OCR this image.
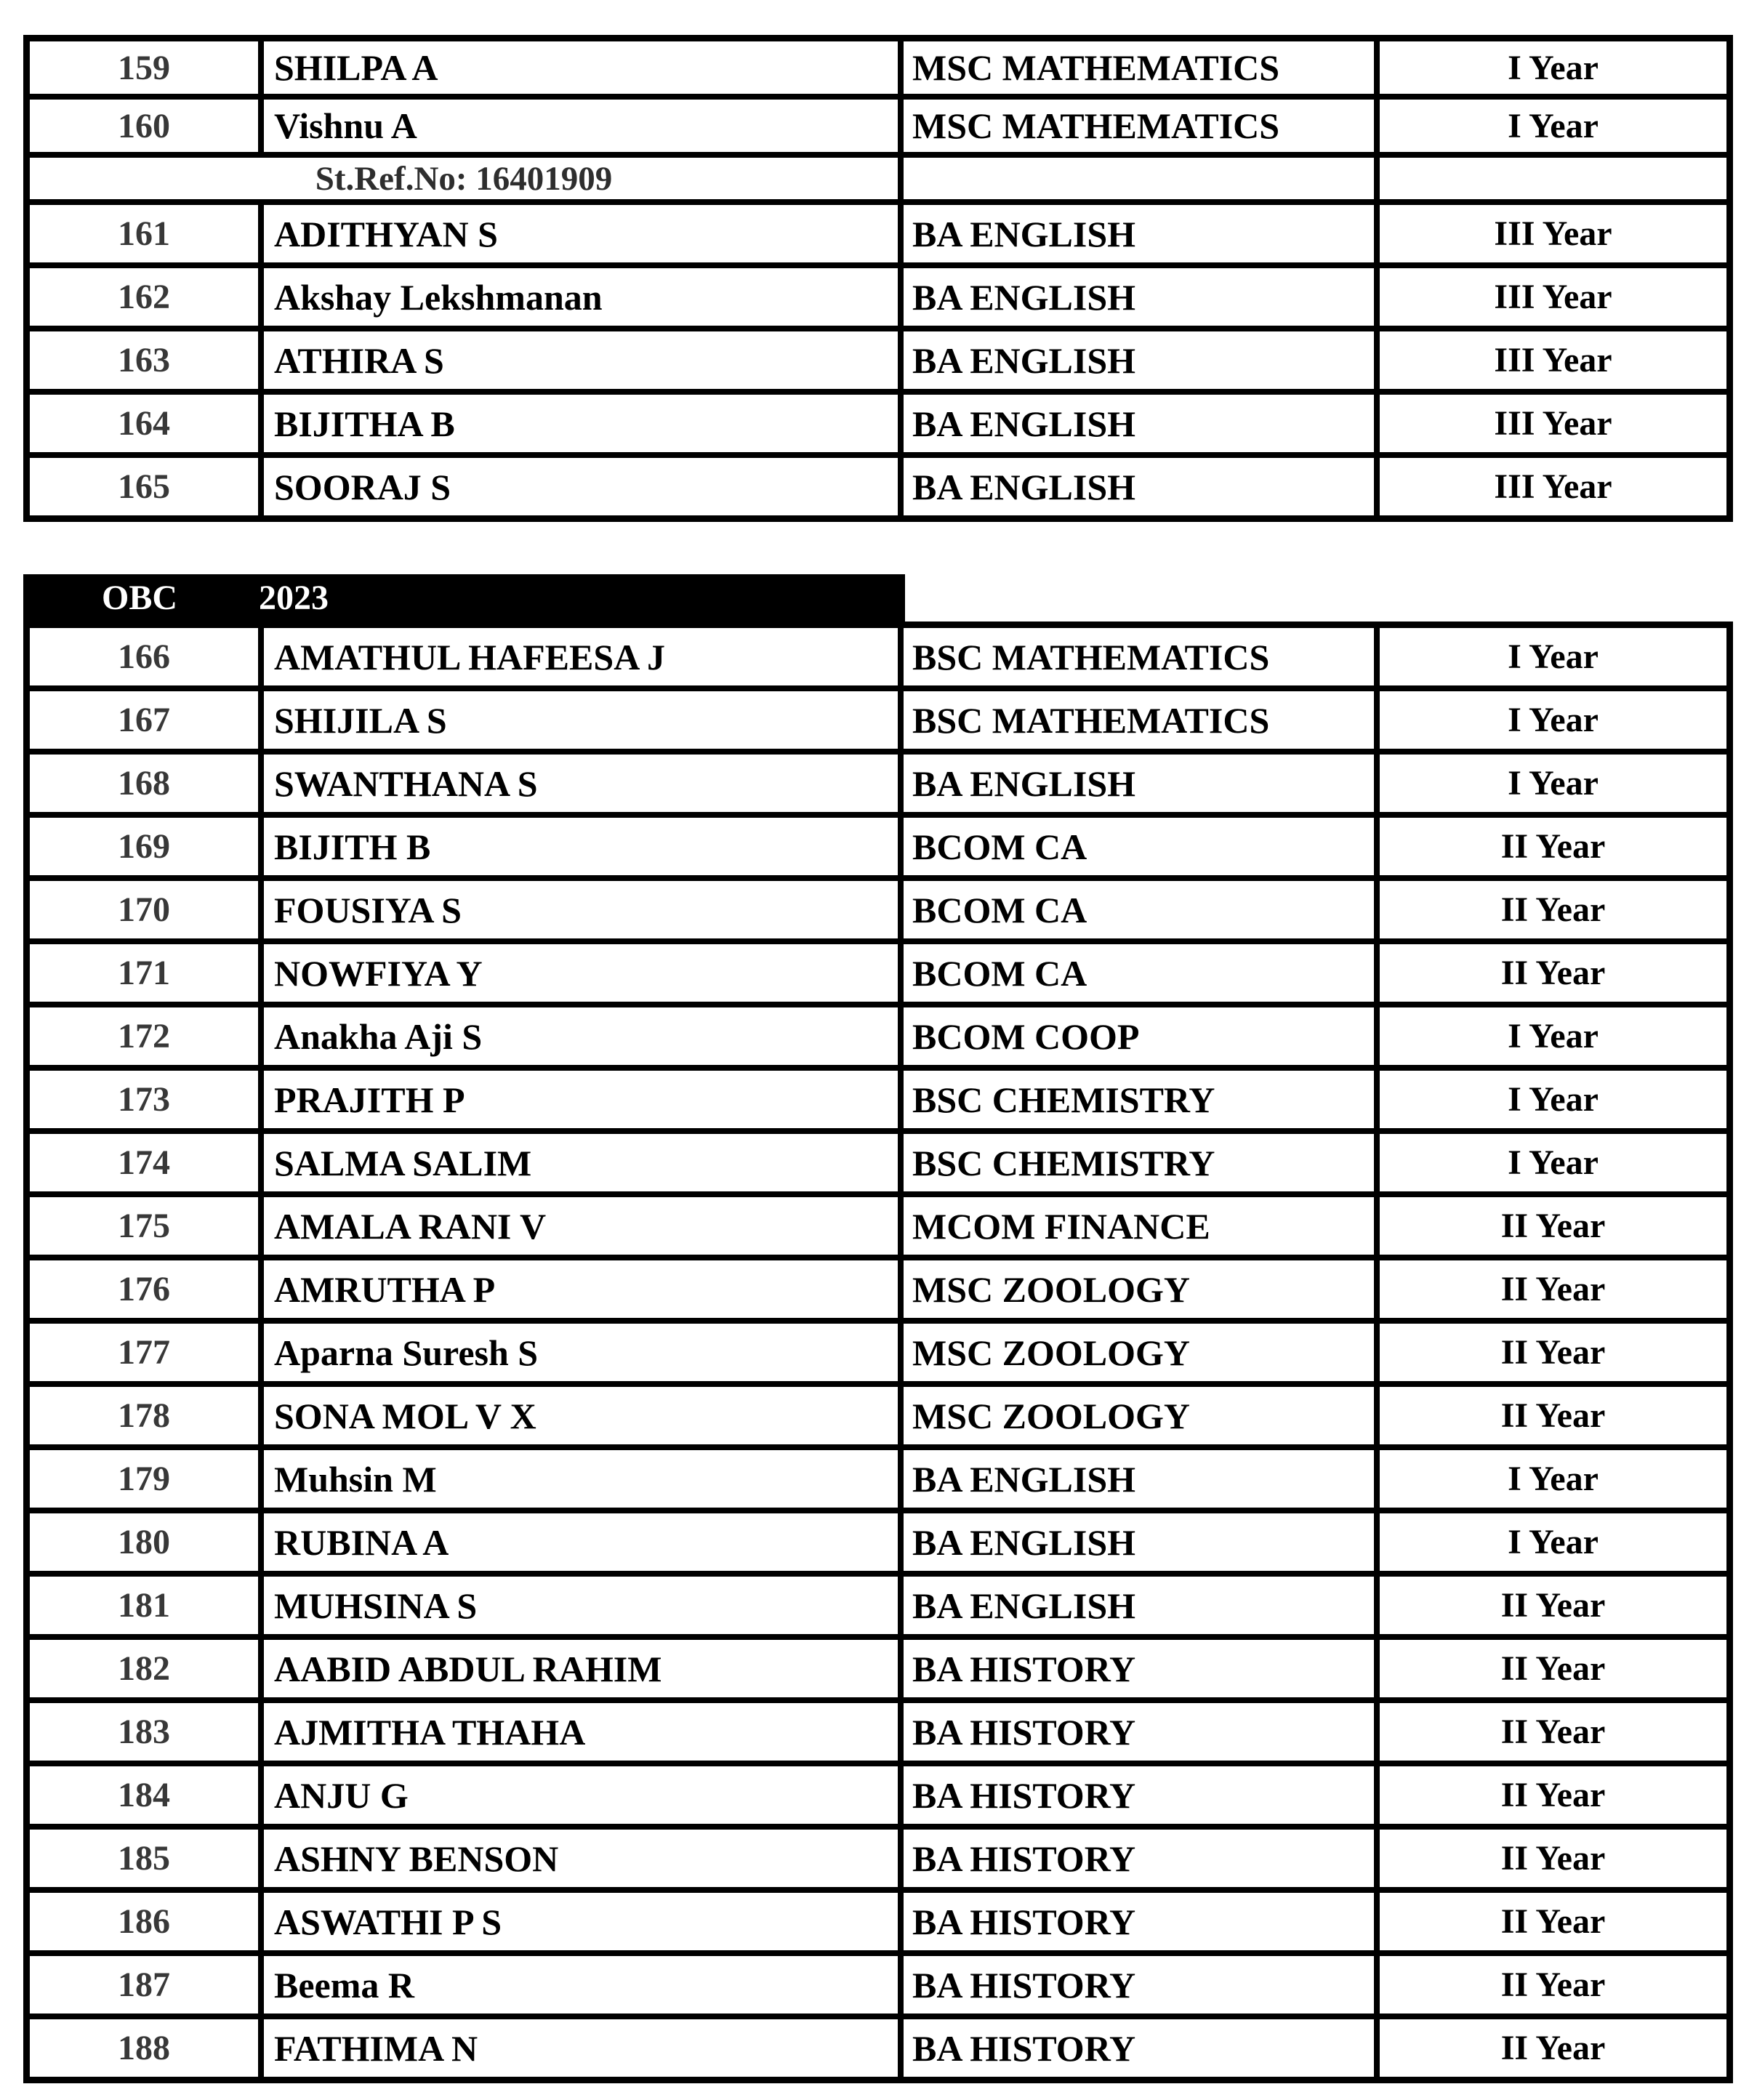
159	SHILPA A	MSC MATHEMATICS	I Year
160	Vishnu A	MSC MATHEMATICS	I Year
St.Ref.No: 16401909			
161	ADITHYAN S	BA ENGLISH	III Year
162	Akshay Lekshmanan	BA ENGLISH	III Year
163	ATHIRA S	BA ENGLISH	III Year
164	BIJITHA B	BA ENGLISH	III Year
165	SOORAJ S	BA ENGLISH	III Year
OBC 2023
166	AMATHUL HAFEESA J	BSC MATHEMATICS	I Year
167	SHIJILA S	BSC MATHEMATICS	I Year
168	SWANTHANA S	BA ENGLISH	I Year
169	BIJITH B	BCOM CA	II Year
170	FOUSIYA S	BCOM CA	II Year
171	NOWFIYA Y	BCOM CA	II Year
172	Anakha Aji S	BCOM COOP	I Year
173	PRAJITH P	BSC CHEMISTRY	I Year
174	SALMA SALIM	BSC CHEMISTRY	I Year
175	AMALA RANI V	MCOM FINANCE	II Year
176	AMRUTHA P	MSC ZOOLOGY	II Year
177	Aparna Suresh S	MSC ZOOLOGY	II Year
178	SONA MOL V X	MSC ZOOLOGY	II Year
179	Muhsin M	BA ENGLISH	I Year
180	RUBINA A	BA ENGLISH	I Year
181	MUHSINA S	BA ENGLISH	II Year
182	AABID ABDUL RAHIM	BA HISTORY	II Year
183	AJMITHA THAHA	BA HISTORY	II Year
184	ANJU G	BA HISTORY	II Year
185	ASHNY BENSON	BA HISTORY	II Year
186	ASWATHI P S	BA HISTORY	II Year
187	Beema R	BA HISTORY	II Year
188	FATHIMA N	BA HISTORY	II Year
